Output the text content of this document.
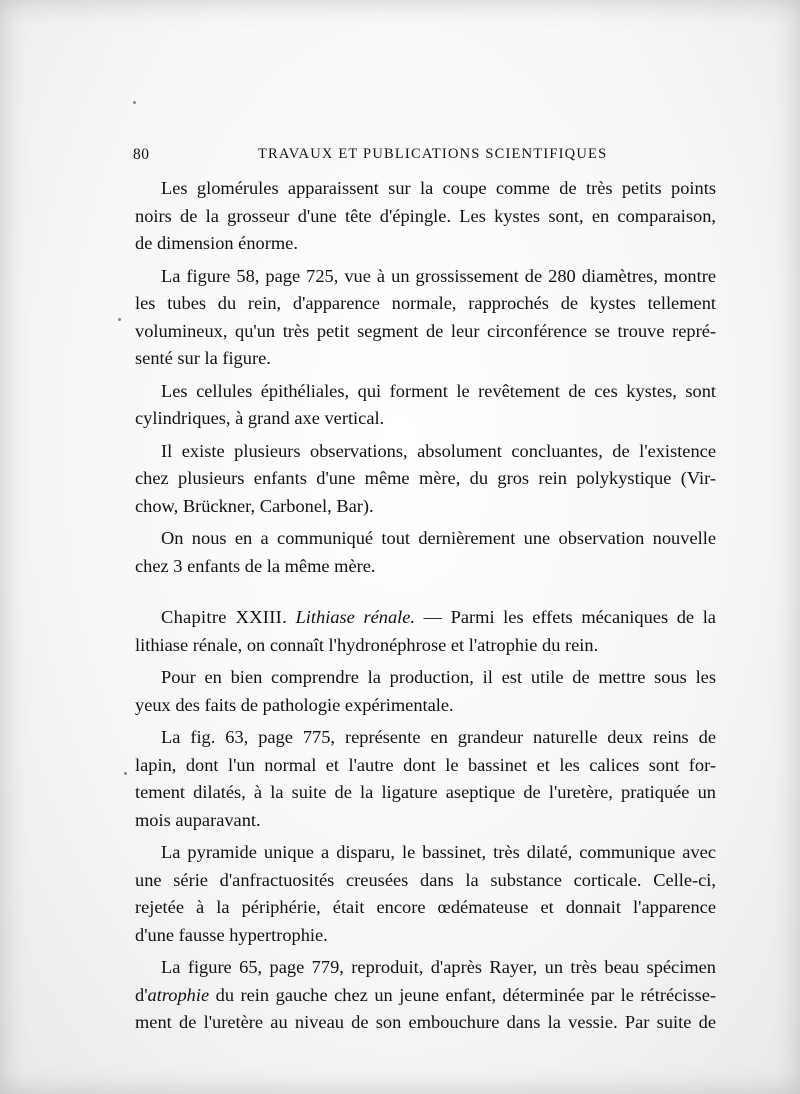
80	TRAVAUX ET PUBLICATIONS SCIENTIFIQUES

Les glomérules apparaissent sur la coupe comme de très petits points
noirs de la grosseur d'une tête d'épingle. Les kystes sont, en comparaison,
de dimension énorme.

La figure 58, page 725, vue à un grossissement de 280 diamètres, montre
les tubes du rein, d'apparence normale, rapprochés de kystes tellement
volumineux, qu'un très petit segment de leur circonférence se trouve repré-
senté sur la figure.

Les cellules épithéliales, qui forment le revêtement de ces kystes, sont
cylindriques, à grand axe vertical.

Il existe plusieurs observations, absolument concluantes, de l'existence
chez plusieurs enfants d'une même mère, du gros rein polykystique (Vir-
chow, Brückner, Carbonel, Bar).

On nous en a communiqué tout dernièrement une observation nouvelle
chez 3 enfants de la même mère.

Chapitre XXIII. Lithiase rénale. — Parmi les effets mécaniques de la
lithiase rénale, on connaît l'hydronéphrose et l'atrophie du rein.

Pour en bien comprendre la production, il est utile de mettre sous les
yeux des faits de pathologie expérimentale.

La fig. 63, page 775, représente en grandeur naturelle deux reins de
lapin, dont l'un normal et l'autre dont le bassinet et les calices sont for-
tement dilatés, à la suite de la ligature aseptique de l'uretère, pratiquée un
mois auparavant.

La pyramide unique a disparu, le bassinet, très dilaté, communique avec
une série d'anfractuosités creusées dans la substance corticale. Celle-ci,
rejetée à la périphérie, était encore œdémateuse et donnait l'apparence
d'une fausse hypertrophie.

La figure 65, page 779, reproduit, d'après Rayer, un très beau spécimen
d'atrophie du rein gauche chez un jeune enfant, déterminée par le rétrécisse-
ment de l'uretère au niveau de son embouchure dans la vessie. Par suite de
